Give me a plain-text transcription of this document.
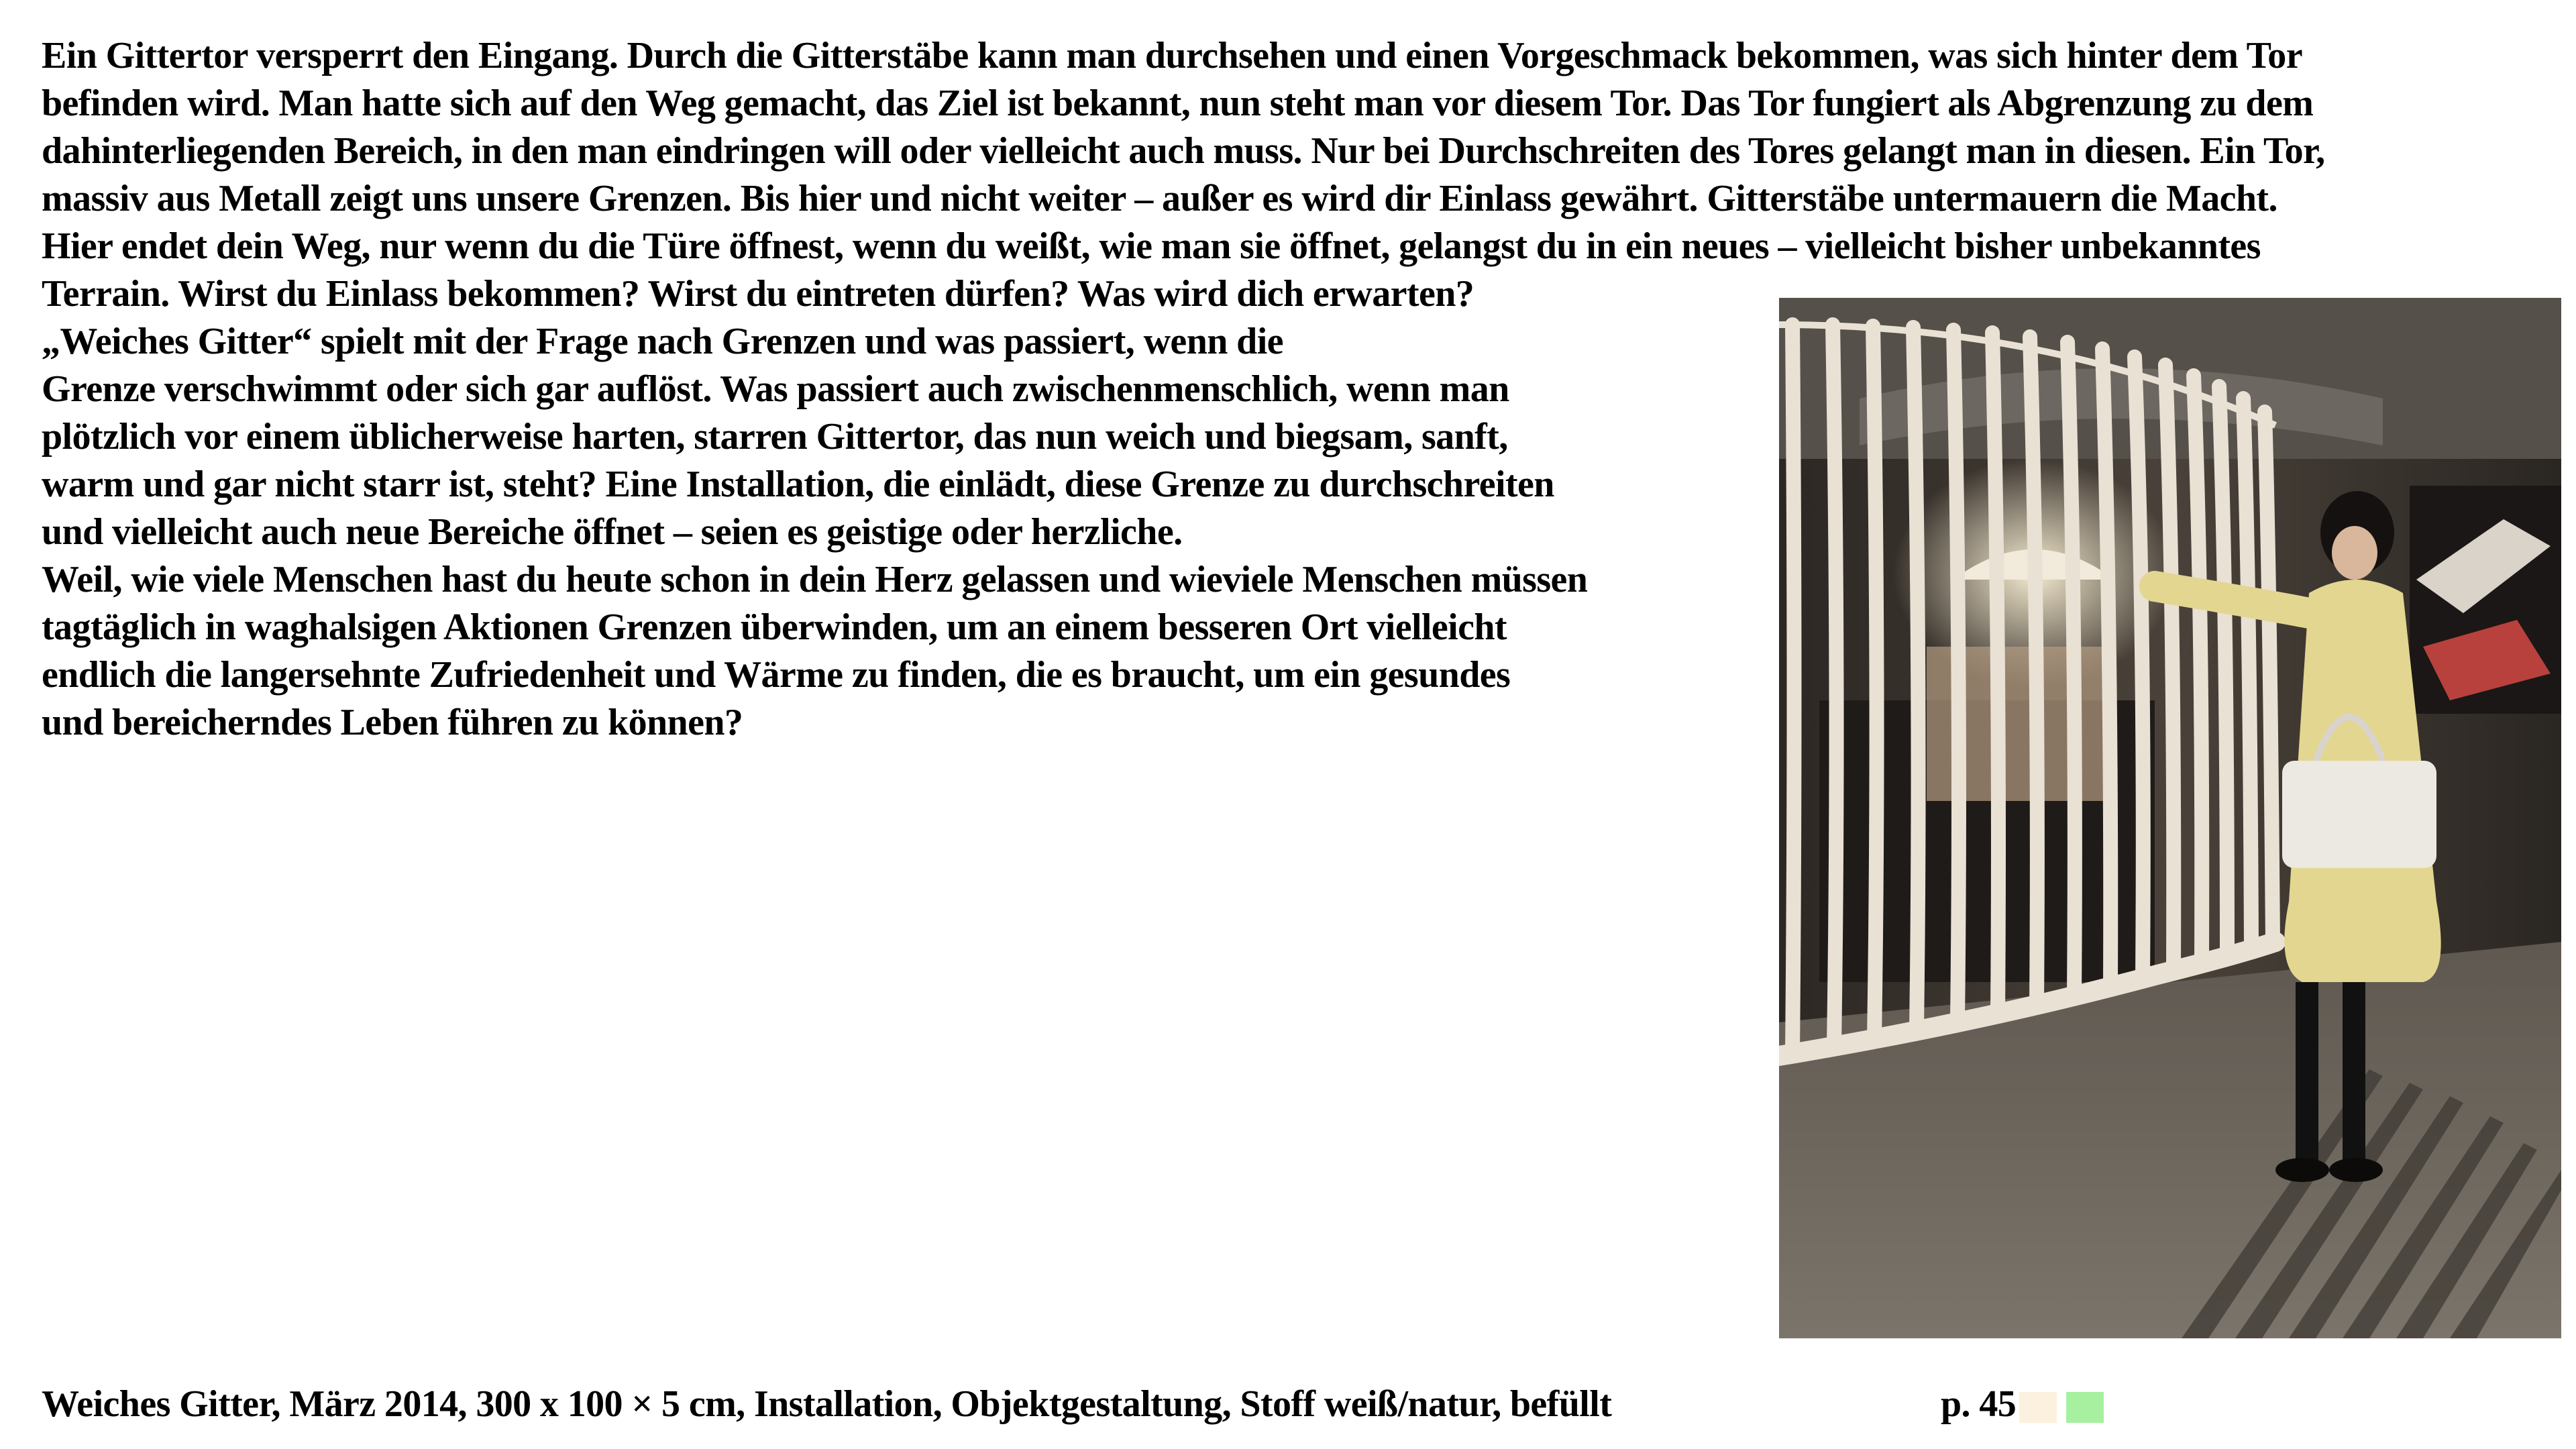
Ein Gittertor versperrt den Eingang. Durch die Gitterstäbe kann man durchsehen und einen Vorgeschmack bekommen, was sich hinter dem Tor
befinden wird. Man hatte sich auf den Weg gemacht, das Ziel ist bekannt, nun steht man vor diesem Tor. Das Tor fungiert als Abgrenzung zu dem
dahinterliegenden Bereich, in den man eindringen will oder vielleicht auch muss. Nur bei Durchschreiten des Tores gelangt man in diesen. Ein Tor,
massiv aus Metall zeigt uns unsere Grenzen. Bis hier und nicht weiter – außer es wird dir Einlass gewährt. Gitterstäbe untermauern die Macht.
Hier endet dein Weg, nur wenn du die Türe öffnest, wenn du weißt, wie man sie öffnet, gelangst du in ein neues – vielleicht bisher unbekanntes
Terrain. Wirst du Einlass bekommen? Wirst du eintreten dürfen? Was wird dich erwarten?
„Weiches Gitter“ spielt mit der Frage nach Grenzen und was passiert, wenn die
Grenze verschwimmt oder sich gar auflöst. Was passiert auch zwischenmenschlich, wenn man
plötzlich vor einem üblicherweise harten, starren Gittertor, das nun weich und biegsam, sanft,
warm und gar nicht starr ist, steht? Eine Installation, die einlädt, diese Grenze zu durchschreiten
und vielleicht auch neue Bereiche öffnet – seien es geistige oder herzliche.
Weil, wie viele Menschen hast du heute schon in dein Herz gelassen und wieviele Menschen müssen
tagtäglich in waghalsigen Aktionen Grenzen überwinden, um an einem besseren Ort vielleicht
endlich die langersehnte Zufriedenheit und Wärme zu finden, die es braucht, um ein gesundes
und bereicherndes Leben führen zu können?
Weiches Gitter, März 2014, 300 x 100 × 5 cm, Installation, Objektgestaltung, Stoff weiß/natur, befüllt	p. 45
